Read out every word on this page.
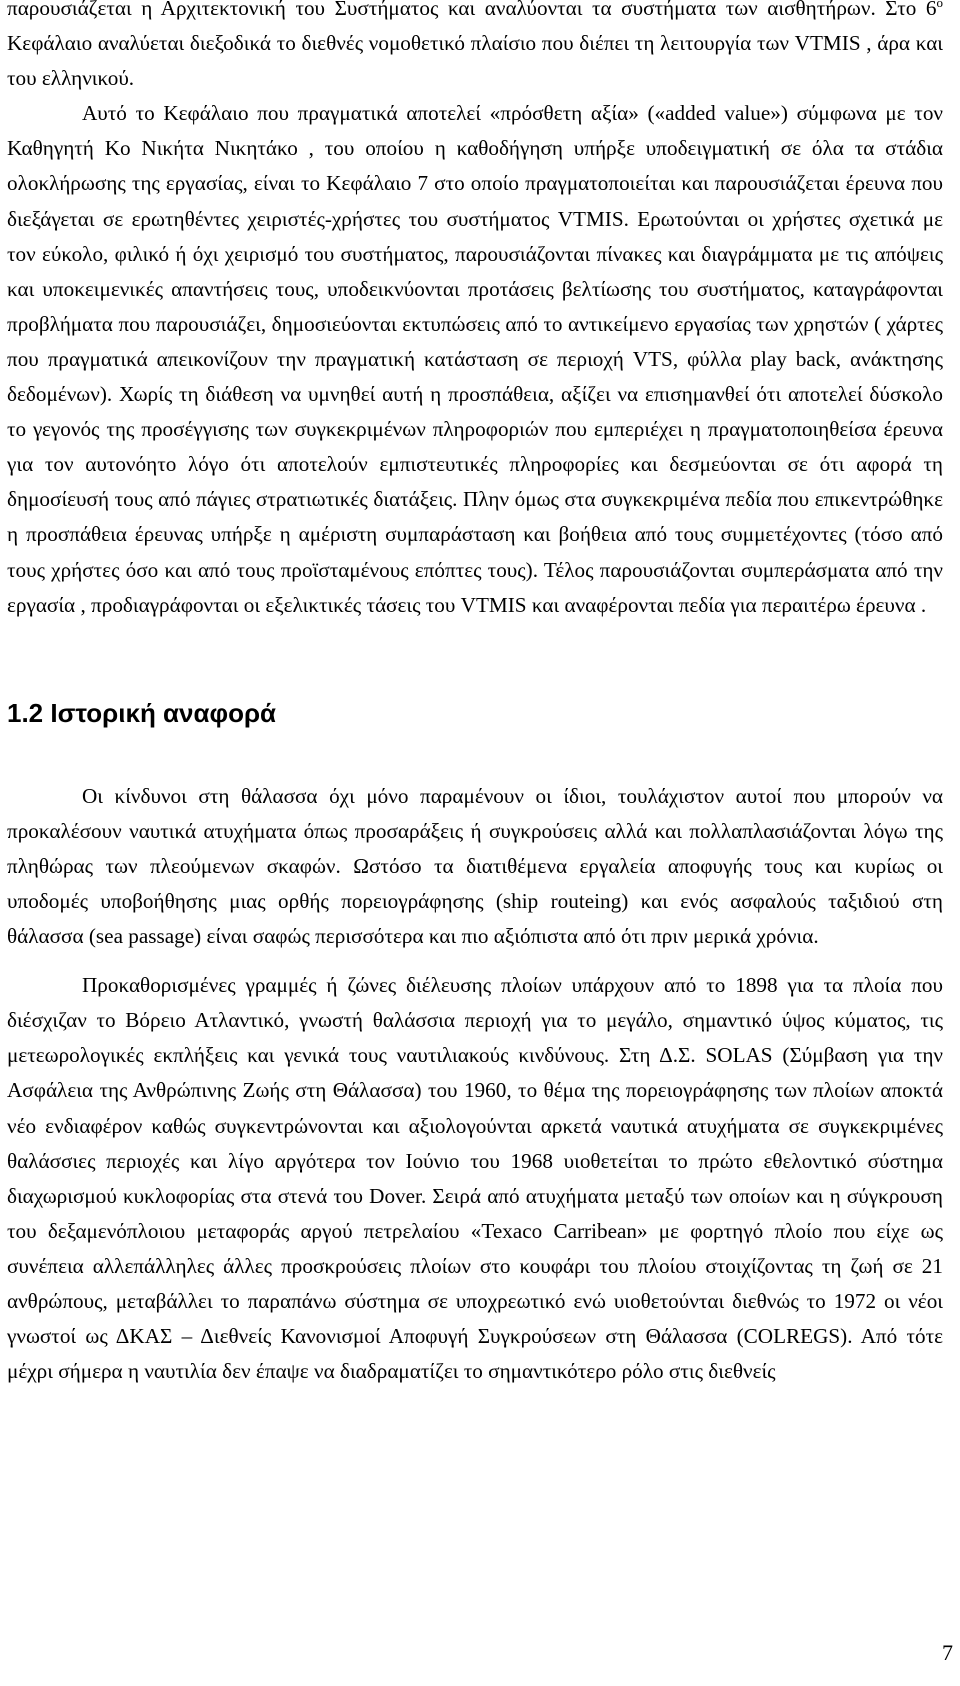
παρουσιάζεται η Αρχιτεκτονική του Συστήματος και αναλύονται τα συστήματα των αισθητήρων. Στο $6^o$ Κεφάλαιο αναλύεται διεξοδικά το διεθνές νομοθετικό πλαίσιο που διέπει τη λειτουργία των VTMIS , άρα και του ελληνικού.

Αυτό το Κεφάλαιο που πραγματικά αποτελεί «πρόσθετη αξία» («added value») σύμφωνα με τον Καθηγητή Κο Νικήτα Νικητάκο , του οποίου η καθοδήγηση υπήρξε υποδειγματική σε όλα τα στάδια ολοκλήρωσης της εργασίας, είναι το Κεφάλαιο 7 στο οποίο πραγματοποιείται και παρουσιάζεται έρευνα που διεξάγεται σε ερωτηθέντες χειριστές-χρήστες του συστήματος VTMIS. Ερωτούνται οι χρήστες σχετικά με τον εύκολο, φιλικό ή όχι χειρισμό του συστήματος, παρουσιάζονται πίνακες και διαγράμματα με τις απόψεις και υποκειμενικές απαντήσεις τους, υποδεικνύονται προτάσεις βελτίωσης του συστήματος, καταγράφονται προβλήματα που παρουσιάζει, δημοσιεύονται εκτυπώσεις από το αντικείμενο εργασίας των χρηστών ( χάρτες που πραγματικά απεικονίζουν την πραγματική κατάσταση σε περιοχή VTS, φύλλα play back, ανάκτησης δεδομένων). Χωρίς τη διάθεση να υμνηθεί αυτή η προσπάθεια, αξίζει να επισημανθεί ότι αποτελεί δύσκολο το γεγονός της προσέγγισης των συγκεκριμένων πληροφοριών που εμπεριέχει η πραγματοποιηθείσα έρευνα για τον αυτονόητο λόγο ότι αποτελούν εμπιστευτικές πληροφορίες και δεσμεύονται σε ότι αφορά τη δημοσίευσή τους από πάγιες στρατιωτικές διατάξεις. Πλην όμως στα συγκεκριμένα πεδία που επικεντρώθηκε η προσπάθεια έρευνας υπήρξε η αμέριστη συμπαράσταση και βοήθεια από τους συμμετέχοντες (τόσο από τους χρήστες όσο και από τους προϊσταμένους επόπτες τους). Τέλος παρουσιάζονται συμπεράσματα από την εργασία , προδιαγράφονται οι εξελικτικές τάσεις του VTMIS και αναφέρονται πεδία για περαιτέρω έρευνα .

1.2 Ιστορική αναφορά

Οι κίνδυνοι στη θάλασσα όχι μόνο παραμένουν οι ίδιοι, τουλάχιστον αυτοί που μπορούν να προκαλέσουν ναυτικά ατυχήματα όπως προσαράξεις ή συγκρούσεις αλλά και πολλαπλασιάζονται λόγω της πληθώρας των πλεούμενων σκαφών. Ωστόσο τα διατιθέμενα εργαλεία αποφυγής τους και κυρίως οι υποδομές υποβοήθησης μιας ορθής πορειογράφησης (ship routeing) και ενός ασφαλούς ταξιδιού στη θάλασσα (sea passage) είναι σαφώς περισσότερα και πιο αξιόπιστα από ότι πριν μερικά χρόνια.

Προκαθορισμένες γραμμές ή ζώνες διέλευσης πλοίων υπάρχουν από το 1898 για τα πλοία που διέσχιζαν το Βόρειο Ατλαντικό, γνωστή θαλάσσια περιοχή για το μεγάλο, σημαντικό ύψος κύματος, τις μετεωρολογικές εκπλήξεις και γενικά τους ναυτιλιακούς κινδύνους. Στη Δ.Σ. SOLAS (Σύμβαση για την Ασφάλεια της Ανθρώπινης Ζωής στη Θάλασσα) του 1960, το θέμα της πορειογράφησης των πλοίων αποκτά νέο ενδιαφέρον καθώς συγκεντρώνονται και αξιολογούνται αρκετά ναυτικά ατυχήματα σε συγκεκριμένες θαλάσσιες περιοχές και λίγο αργότερα τον Ιούνιο του 1968 υιοθετείται το πρώτο εθελοντικό σύστημα διαχωρισμού κυκλοφορίας στα στενά του Dover. Σειρά από ατυχήματα μεταξύ των οποίων και η σύγκρουση του δεξαμενόπλοιου μεταφοράς αργού πετρελαίου «Texaco Carribean» με φορτηγό πλοίο που είχε ως συνέπεια αλλεπάλληλες άλλες προσκρούσεις πλοίων στο κουφάρι του πλοίου στοιχίζοντας τη ζωή σε 21 ανθρώπους, μεταβάλλει το παραπάνω σύστημα σε υποχρεωτικό ενώ υιοθετούνται διεθνώς το 1972 οι νέοι γνωστοί ως ΔΚΑΣ – Διεθνείς Κανονισμοί Αποφυγή Συγκρούσεων στη Θάλασσα (COLREGS). Από τότε μέχρι σήμερα η ναυτιλία δεν έπαψε να διαδραματίζει το σημαντικότερο ρόλο στις διεθνείς

7
